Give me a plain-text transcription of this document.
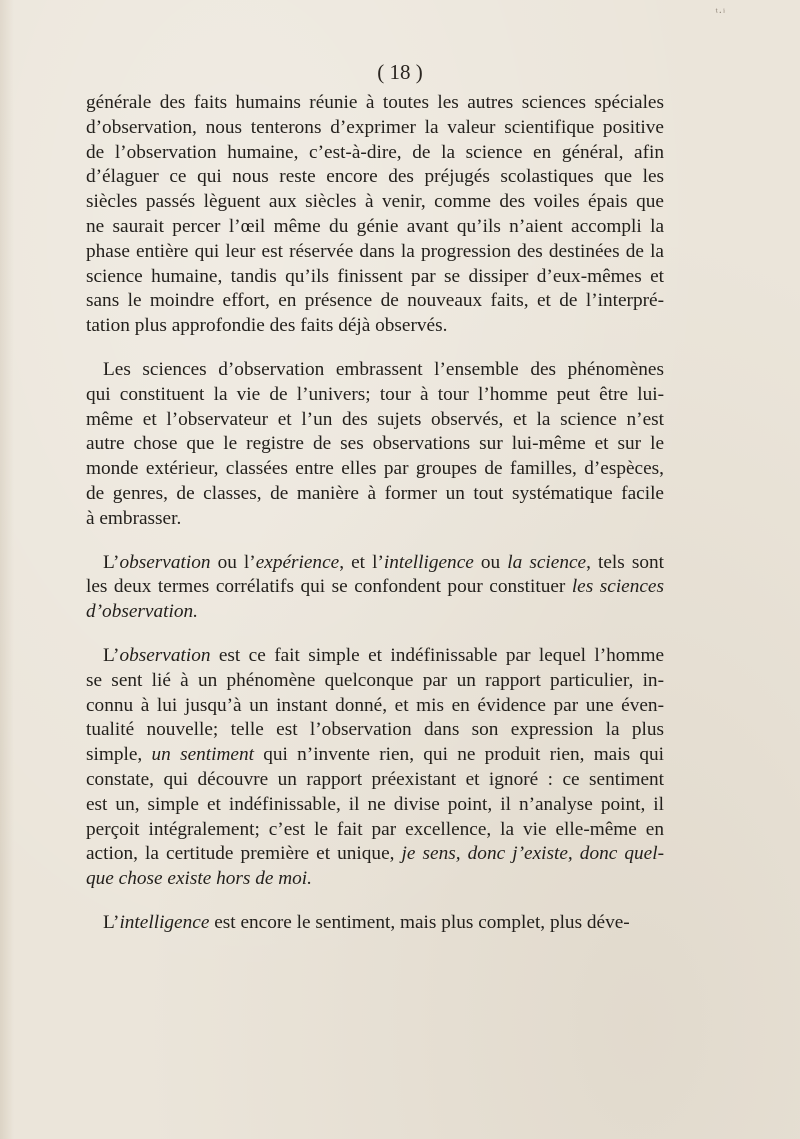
ᵗ·ⁱ
( 18 )
générale des faits humains réunie à toutes les autres sciences spéciales
d’observation, nous tenterons d’exprimer la valeur scientifique positive
de l’observation humaine, c’est-à-dire, de la science en général, afin
d’élaguer ce qui nous reste encore des préjugés scolastiques que les
siècles passés lèguent aux siècles à venir, comme des voiles épais que
ne saurait percer l’œil même du génie avant qu’ils n’aient accompli la
phase entière qui leur est réservée dans la progression des destinées de la
science humaine, tandis qu’ils finissent par se dissiper d’eux-mêmes et
sans le moindre effort, en présence de nouveaux faits, et de l’interpré-
tation plus approfondie des faits déjà observés.
Les sciences d’observation embrassent l’ensemble des phénomènes
qui constituent la vie de l’univers; tour à tour l’homme peut être lui-
même et l’observateur et l’un des sujets observés, et la science n’est
autre chose que le registre de ses observations sur lui-même et sur le
monde extérieur, classées entre elles par groupes de familles, d’espèces,
de genres, de classes, de manière à former un tout systématique facile
à embrasser.
L’observation ou l’expérience, et l’intelligence ou la science, tels sont
les deux termes corrélatifs qui se confondent pour constituer les sciences
d’observation.
L’observation est ce fait simple et indéfinissable par lequel l’homme
se sent lié à un phénomène quelconque par un rapport particulier, in-
connu à lui jusqu’à un instant donné, et mis en évidence par une éven-
tualité nouvelle; telle est l’observation dans son expression la plus
simple, un sentiment qui n’invente rien, qui ne produit rien, mais qui
constate, qui découvre un rapport préexistant et ignoré : ce sentiment
est un, simple et indéfinissable, il ne divise point, il n’analyse point, il
perçoit intégralement; c’est le fait par excellence, la vie elle-même en
action, la certitude première et unique, je sens, donc j’existe, donc quel-
que chose existe hors de moi.
L’intelligence est encore le sentiment, mais plus complet, plus déve-
